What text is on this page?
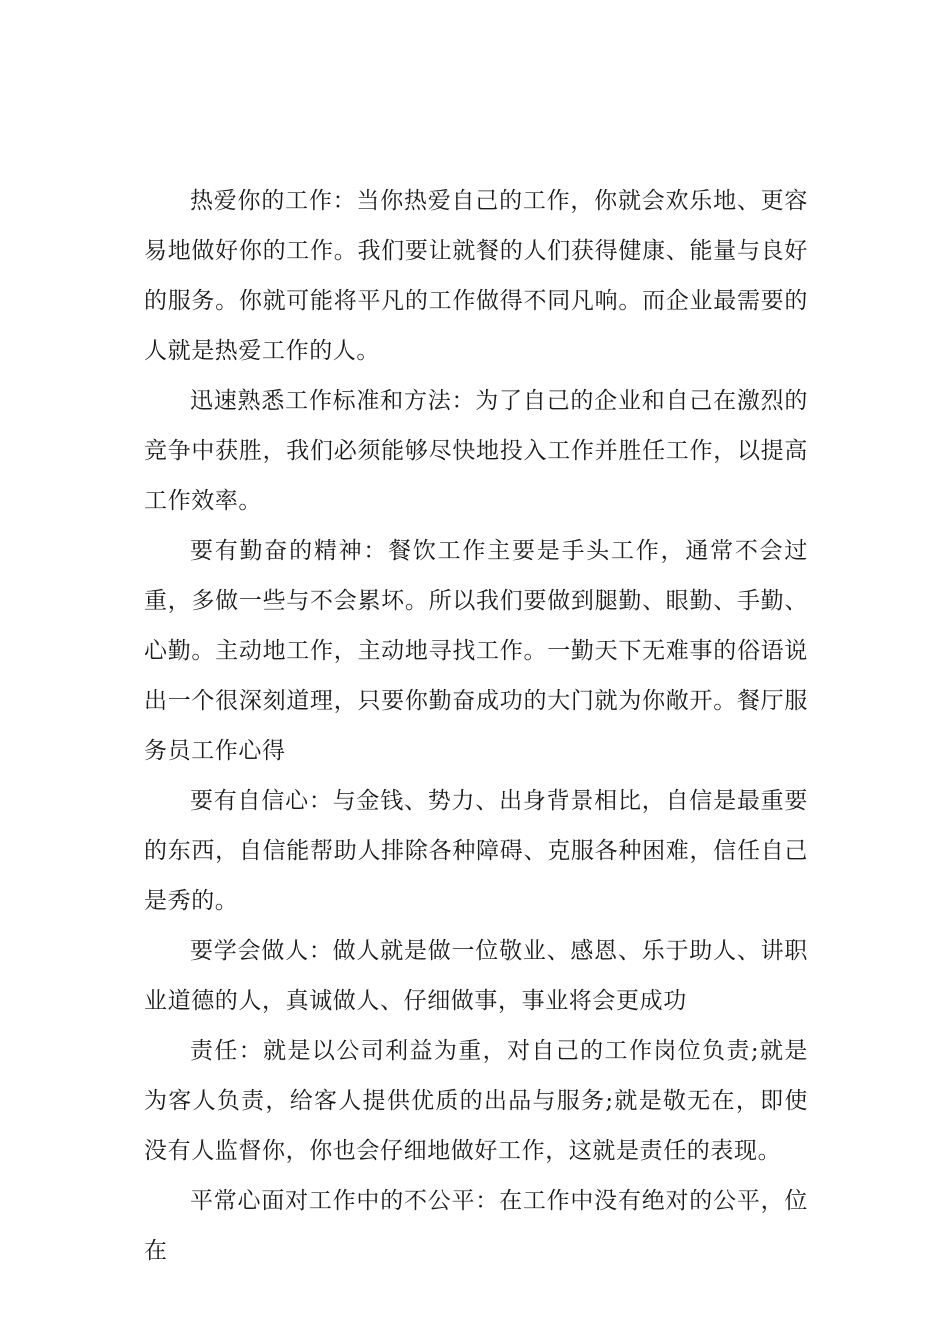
热爱你的工作：当你热爱自己的工作，你就会欢乐地、更容易地做好你的工作。我们要让就餐的人们获得健康、能量与良好的服务。你就可能将平凡的工作做得不同凡响。而企业最需要的人就是热爱工作的人。

迅速熟悉工作标准和方法：为了自己的企业和自己在激烈的竞争中获胜，我们必须能够尽快地投入工作并胜任工作，以提高工作效率。

要有勤奋的精神：餐饮工作主要是手头工作，通常不会过重，多做一些与不会累坏。所以我们要做到腿勤、眼勤、手勤、心勤。主动地工作，主动地寻找工作。一勤天下无难事的俗语说出一个很深刻道理，只要你勤奋成功的大门就为你敞开。餐厅服务员工作心得

要有自信心：与金钱、势力、出身背景相比，自信是最重要的东西，自信能帮助人排除各种障碍、克服各种困难，信任自己是秀的。

要学会做人：做人就是做一位敬业、感恩、乐于助人、讲职业道德的人，真诚做人、仔细做事，事业将会更成功

责任：就是以公司利益为重，对自己的工作岗位负责;就是为客人负责，给客人提供优质的出品与服务;就是敬无在，即使没有人监督你，你也会仔细地做好工作，这就是责任的表现。

平常心面对工作中的不公平：在工作中没有绝对的公平，位在
